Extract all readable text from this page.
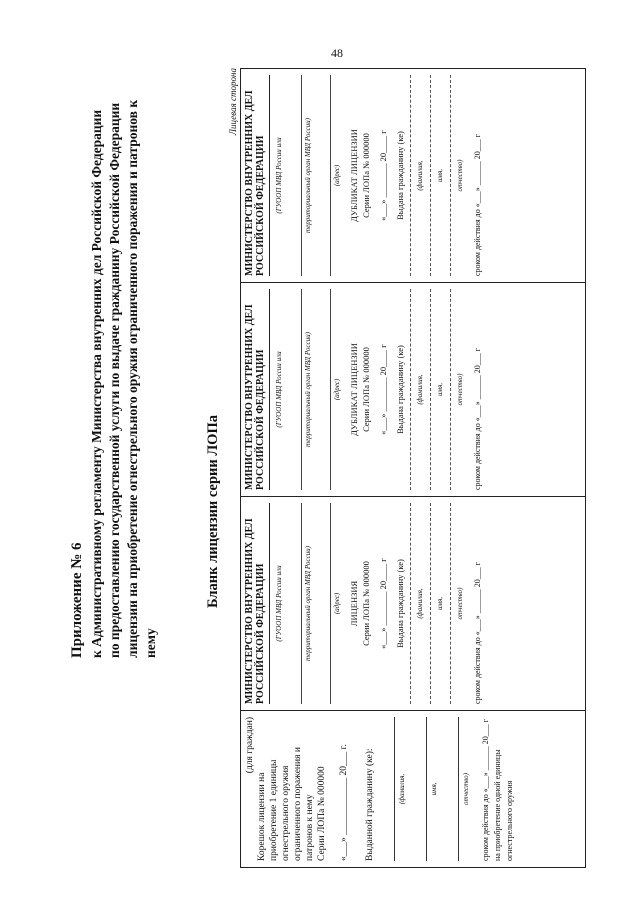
48
Приложение № 6 к Административному регламенту Министерства внутренних дел Российской Федерации по предоставлению государственной услуги по выдаче гражданину Российской Федерации лицензии на приобретение огнестрельного оружия ограниченного поражения и патронов к нему
Бланк лицензии серии ЛОПа
Лицевая сторона

(для граждан)

Корешок лицензии на приобретение 1 единицы огнестрельного оружия ограниченного поражения и патронов к нему Серии ЛОПа № 000000 «___» ____________ 20___ г. Выданной гражданину (ке):	(фамилия,	имя,	отчество) сроком действия до «___» ______ 20___ г на приобретение одной единицы огнестрельного оружия

МИНИСТЕРСТВО ВНУТРЕННИХ ДЕЛ РОССИЙСКОЙ ФЕДЕРАЦИИ	(ГУООП МВД России или	территориальный орган МВД России)	(адрес) ЛИЦЕНЗИЯ Серии ЛОПа № 000000 «___» ________ 20____ г Выдана гражданину (ке) (фамилия, имя, отчество) сроком действия до «___» ______ 20___ г
МИНИСТЕРСТВО ВНУТРЕННИХ ДЕЛ РОССИЙСКОЙ ФЕДЕРАЦИИ	(ГУООП МВД России или	территориальный орган МВД России)	(адрес) ДУБЛИКАТ ЛИЦЕНЗИИ Серии ЛОПа № 000000 «___» ________ 20____ г Выдана гражданину (ке) (фамилия, имя, отчество) сроком действия до «___» ______ 20___ г
МИНИСТЕРСТВО ВНУТРЕННИХ ДЕЛ РОССИЙСКОЙ ФЕДЕРАЦИИ	(ГУООП МВД России или	территориальный орган МВД России)	(адрес) ДУБЛИКАТ ЛИЦЕНЗИИ Серии ЛОПа № 000000 «___» ________ 20____ г Выдана гражданину (ке) (фамилия, имя, отчество) сроком действия до «___» ______ 20___ г
